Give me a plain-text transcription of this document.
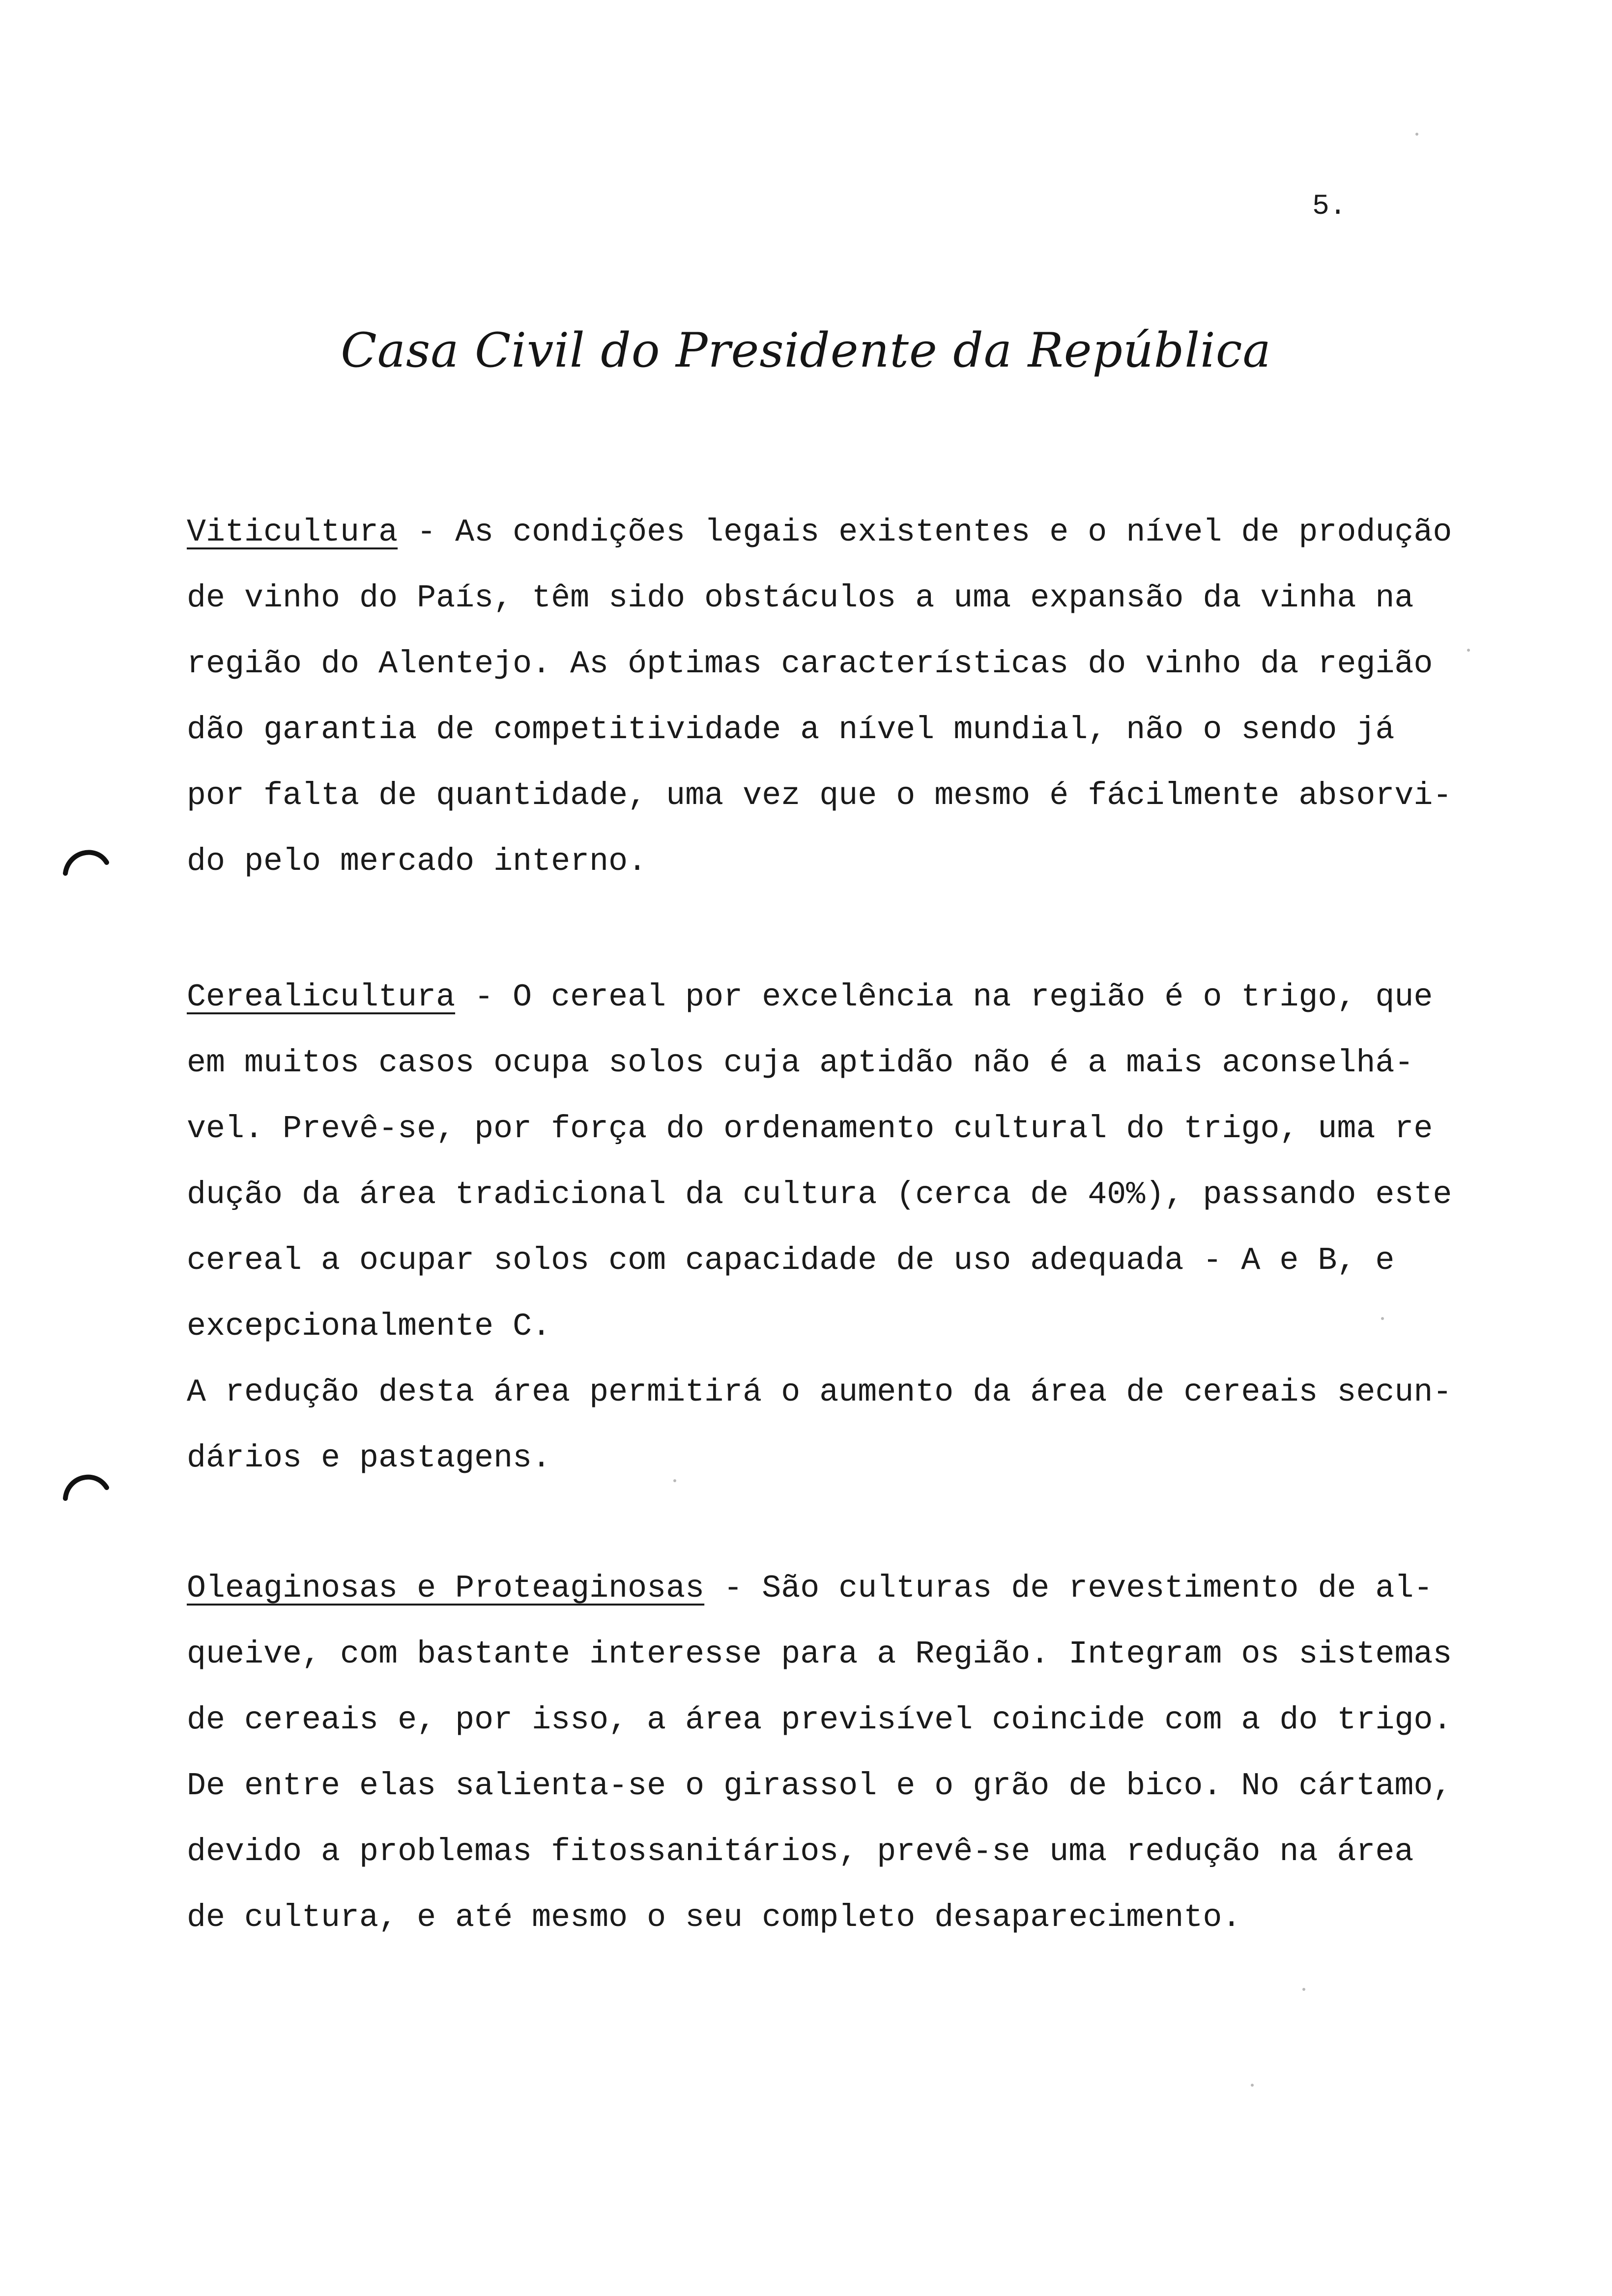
5.
Casa Civil do Presidente da República
Viticultura - As condições legais existentes e o nível de produção
de vinho do País, têm sido obstáculos a uma expansão da vinha na
região do Alentejo. As óptimas características do vinho da região
dão garantia de competitividade a nível mundial, não o sendo já
por falta de quantidade, uma vez que o mesmo é fácilmente absorvi-
do pelo mercado interno.
Cerealicultura - O cereal por excelência na região é o trigo, que
em muitos casos ocupa solos cuja aptidão não é a mais aconselhá-
vel. Prevê-se, por força do ordenamento cultural do trigo, uma re
dução da área tradicional da cultura (cerca de 40%), passando este
cereal a ocupar solos com capacidade de uso adequada - A e B, e
excepcionalmente C.
A redução desta área permitirá o aumento da área de cereais secun-
dários e pastagens.
Oleaginosas e Proteaginosas - São culturas de revestimento de al-
queive, com bastante interesse para a Região. Integram os sistemas
de cereais e, por isso, a área previsível coincide com a do trigo.
De entre elas salienta-se o girassol e o grão de bico. No cártamo,
devido a problemas fitossanitários, prevê-se uma redução na área
de cultura, e até mesmo o seu completo desaparecimento.
